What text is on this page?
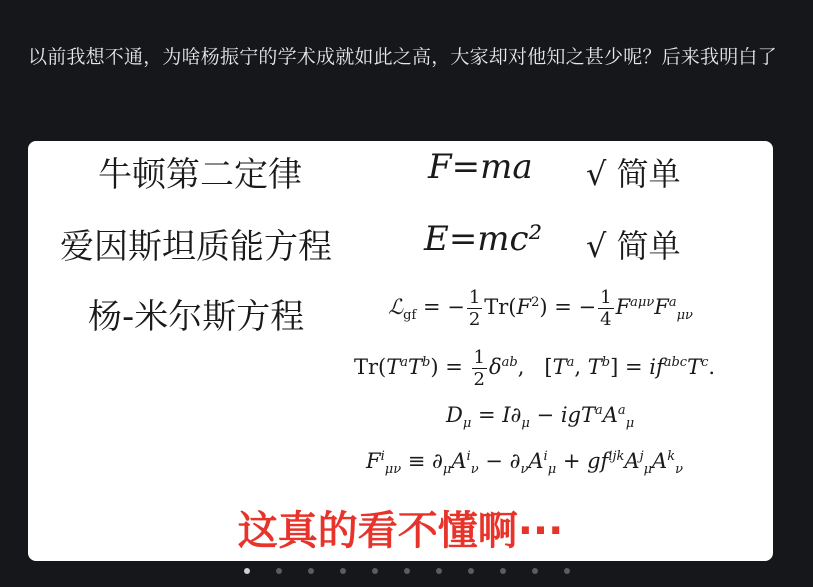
以前我想不通，为啥杨振宁的学术成就如此之高，大家却对他知之甚少呢？后来我明白了
牛顿第二定律	F=ma √ 简单
爱因斯坦质能方程	E=mc² √ 简单
杨-米尔斯方程	ℒ$_{gf}$ = − $\frac{1}{2} Tr(F^2)$ = − $\frac{1}{4} F^{a\mu\nu}F^a_{\mu\nu}$
$Tr(T^aT^b) = \frac{1}{2} \delta^{ab}$,   [$T^a$, $T^b] = if^{abc}T^c$.
$D_\mu = I\partial_\mu - igT^aA^a_\mu$
$F^i_{\mu\nu} \equiv \partial_\mu A^i_\nu - \partial_\nu A^i_\mu + gf^{ijk}A^j_\mu A^k_\nu$
这真的看不懂啊···
